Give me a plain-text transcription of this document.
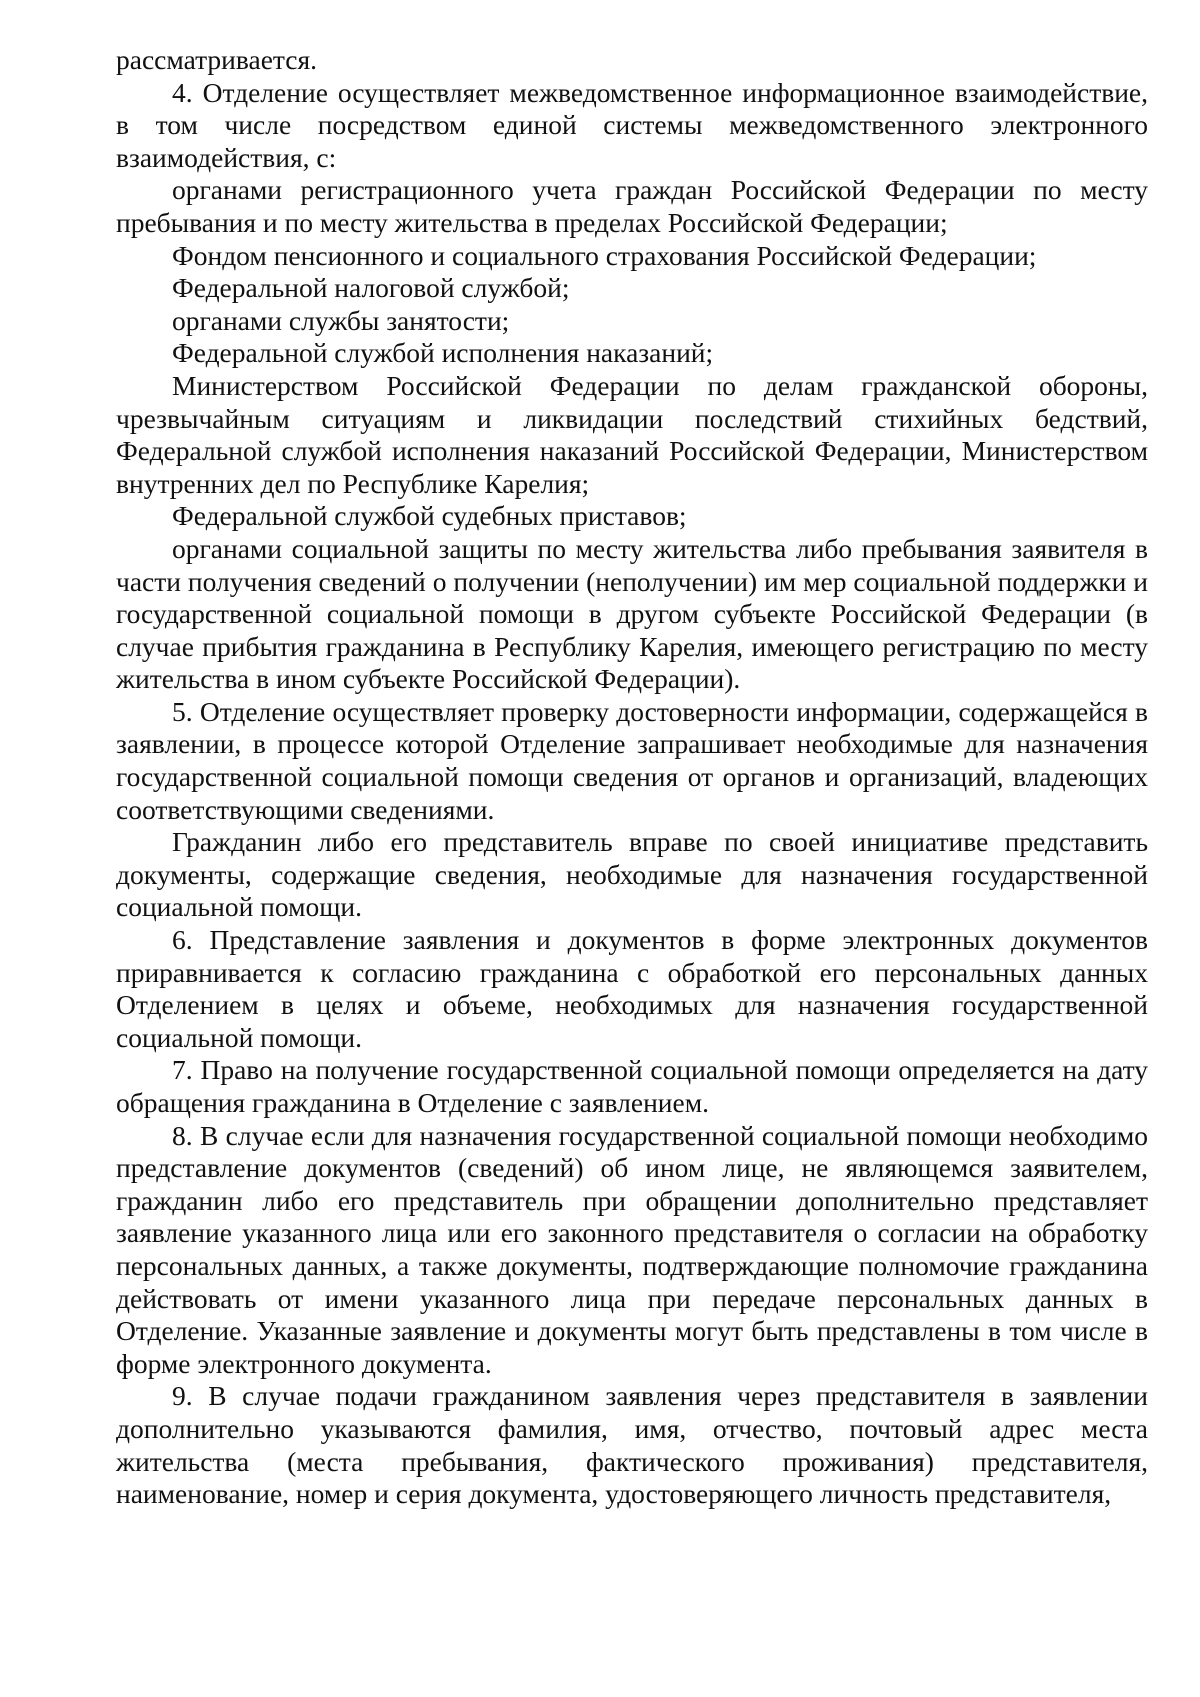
рассматривается.

4. Отделение осуществляет межведомственное информационное взаимодействие, в том числе посредством единой системы межведомственного электронного взаимодействия, с:

органами регистрационного учета граждан Российской Федерации по месту пребывания и по месту жительства в пределах Российской Федерации;

Фондом пенсионного и социального страхования Российской Федерации;

Федеральной налоговой службой;

органами службы занятости;

Федеральной службой исполнения наказаний;

Министерством Российской Федерации по делам гражданской обороны, чрезвычайным ситуациям и ликвидации последствий стихийных бедствий, Федеральной службой исполнения наказаний Российской Федерации, Министерством внутренних дел по Республике Карелия;

Федеральной службой судебных приставов;

органами социальной защиты по месту жительства либо пребывания заявителя в части получения сведений о получении (неполучении) им мер социальной поддержки и государственной социальной помощи в другом субъекте Российской Федерации (в случае прибытия гражданина в Республику Карелия, имеющего регистрацию по месту жительства в ином субъекте Российской Федерации).

5. Отделение осуществляет проверку достоверности информации, содержащейся в заявлении, в процессе которой Отделение запрашивает необходимые для назначения государственной социальной помощи сведения от органов и организаций, владеющих соответствующими сведениями.

Гражданин либо его представитель вправе по своей инициативе представить документы, содержащие сведения, необходимые для назначения государственной социальной помощи.

6. Представление заявления и документов в форме электронных документов приравнивается к согласию гражданина с обработкой его персональных данных Отделением в целях и объеме, необходимых для назначения государственной социальной помощи.

7. Право на получение государственной социальной помощи определяется на дату обращения гражданина в Отделение с заявлением.

8. В случае если для назначения государственной социальной помощи необходимо представление документов (сведений) об ином лице, не являющемся заявителем, гражданин либо его представитель при обращении дополнительно представляет заявление указанного лица или его законного представителя о согласии на обработку персональных данных, а также документы, подтверждающие полномочие гражданина действовать от имени указанного лица при передаче персональных данных в Отделение. Указанные заявление и документы могут быть представлены в том числе в форме электронного документа.

9. В случае подачи гражданином заявления через представителя в заявлении дополнительно указываются фамилия, имя, отчество, почтовый адрес места жительства (места пребывания, фактического проживания) представителя, наименование, номер и серия документа, удостоверяющего личность представителя,
